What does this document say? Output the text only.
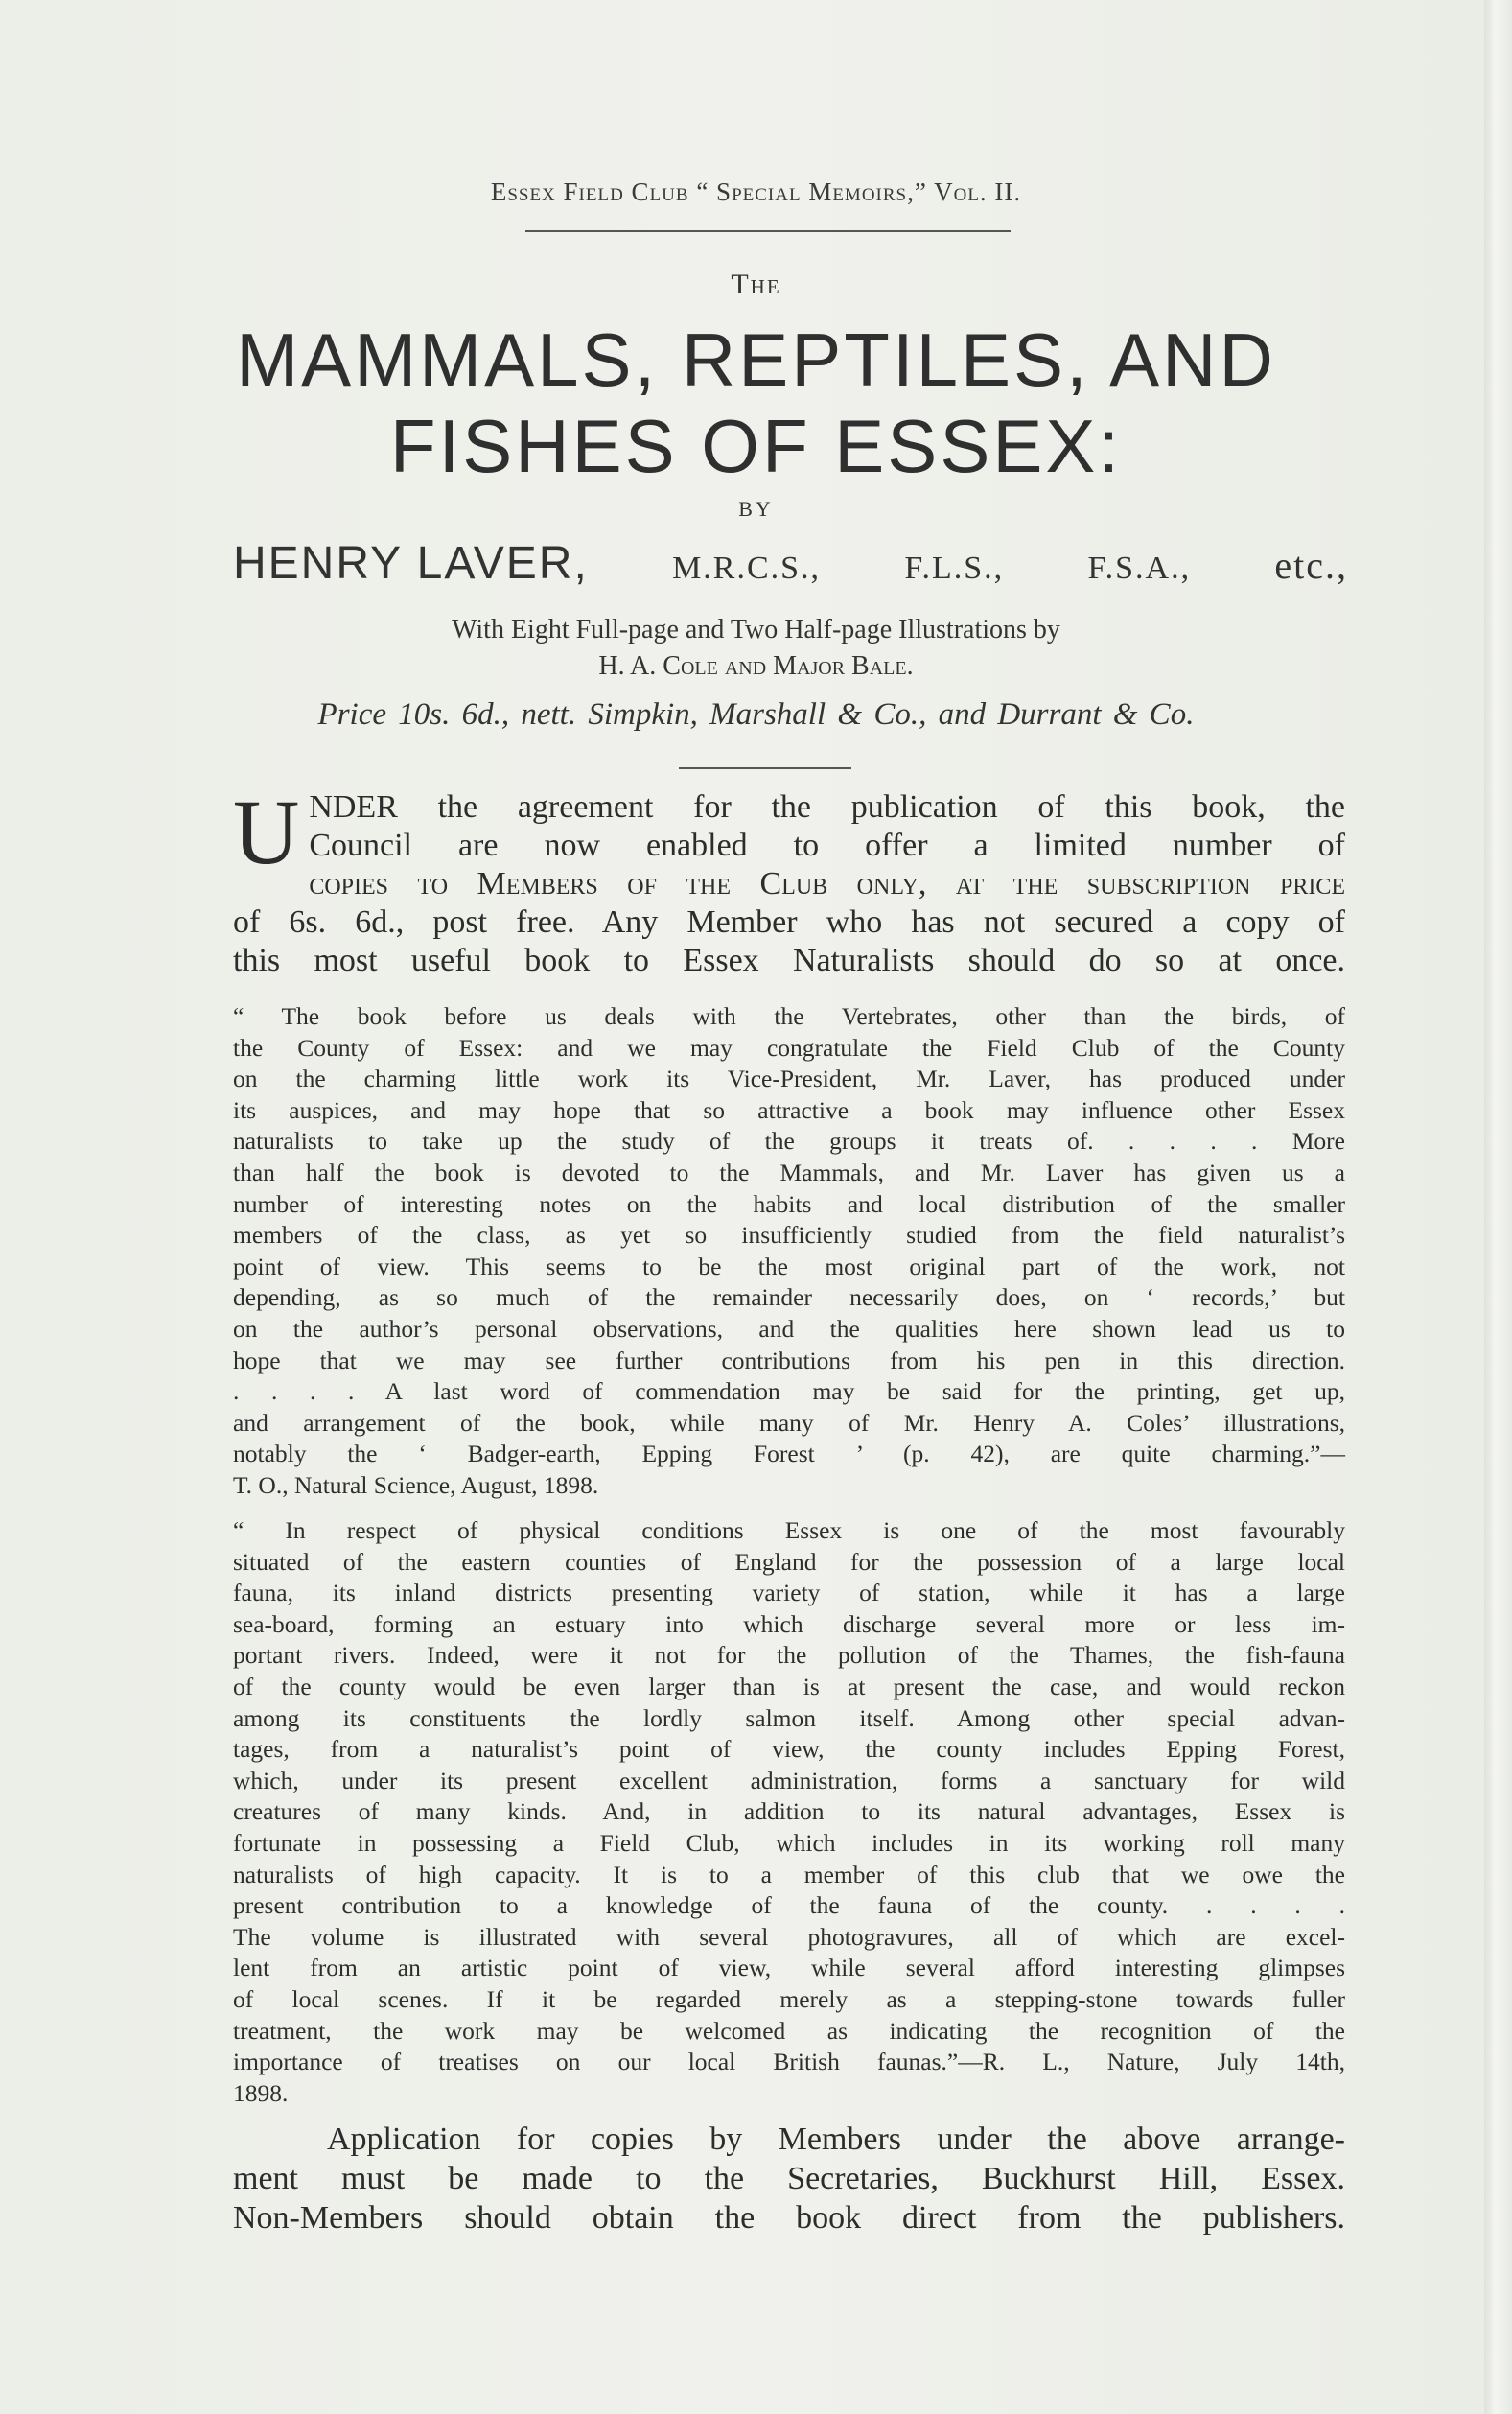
Essex Field Club “ Special Memoirs,” Vol. II.
The
MAMMALS, REPTILES, AND
FISHES OF ESSEX:
BY
HENRY LAVER,	M.R.C.S.,	F.L.S.,	F.S.A., etc.,
With Eight Full-page and Two Half-page Illustrations by
H. A. Cole and Major Bale.
Price 10s. 6d., nett. Simpkin, Marshall & Co., and Durrant & Co.
U NDER the agreement for the publication of this book, the
Council are now enabled to offer a limited number of
copies to Members of the Club only, at the subscription price
of 6s. 6d., post free. Any Member who has not secured a copy of
this most useful book to Essex Naturalists should do so at once.
“ The book before us deals with the Vertebrates, other than the birds, of
the County of Essex: and we may congratulate the Field Club of the County
on the charming little work its Vice-President, Mr. Laver, has produced under
its auspices, and may hope that so attractive a book may influence other Essex
naturalists to take up the study of the groups it treats of. . . . . More
than half the book is devoted to the Mammals, and Mr. Laver has given us a
number of interesting notes on the habits and local distribution of the smaller
members of the class, as yet so insufficiently studied from the field naturalist’s
point of view. This seems to be the most original part of the work, not
depending, as so much of the remainder necessarily does, on ‘ records,’ but
on the author’s personal observations, and the qualities here shown lead us to
hope that we may see further contributions from his pen in this direction.
. . . . A last word of commendation may be said for the printing, get up,
and arrangement of the book, while many of Mr. Henry A. Coles’ illustrations,
notably the ‘ Badger-earth, Epping Forest ’ (p. 42), are quite charming.”—
T. O., Natural Science, August, 1898.
“ In respect of physical conditions Essex is one of the most favourably
situated of the eastern counties of England for the possession of a large local
fauna, its inland districts presenting variety of station, while it has a large
sea-board, forming an estuary into which discharge several more or less im-
portant rivers. Indeed, were it not for the pollution of the Thames, the fish-fauna
of the county would be even larger than is at present the case, and would reckon
among its constituents the lordly salmon itself. Among other special advan-
tages, from a naturalist’s point of view, the county includes Epping Forest,
which, under its present excellent administration, forms a sanctuary for wild
creatures of many kinds. And, in addition to its natural advantages, Essex is
fortunate in possessing a Field Club, which includes in its working roll many
naturalists of high capacity. It is to a member of this club that we owe the
present contribution to a knowledge of the fauna of the county. . . . .
The volume is illustrated with several photogravures, all of which are excel-
lent from an artistic point of view, while several afford interesting glimpses
of local scenes. If it be regarded merely as a stepping-stone towards fuller
treatment, the work may be welcomed as indicating the recognition of the
importance of treatises on our local British faunas.”—R. L., Nature, July 14th,
1898.
Application for copies by Members under the above arrange-
ment must be made to the Secretaries, Buckhurst Hill, Essex.
Non-Members should obtain the book direct from the publishers.
